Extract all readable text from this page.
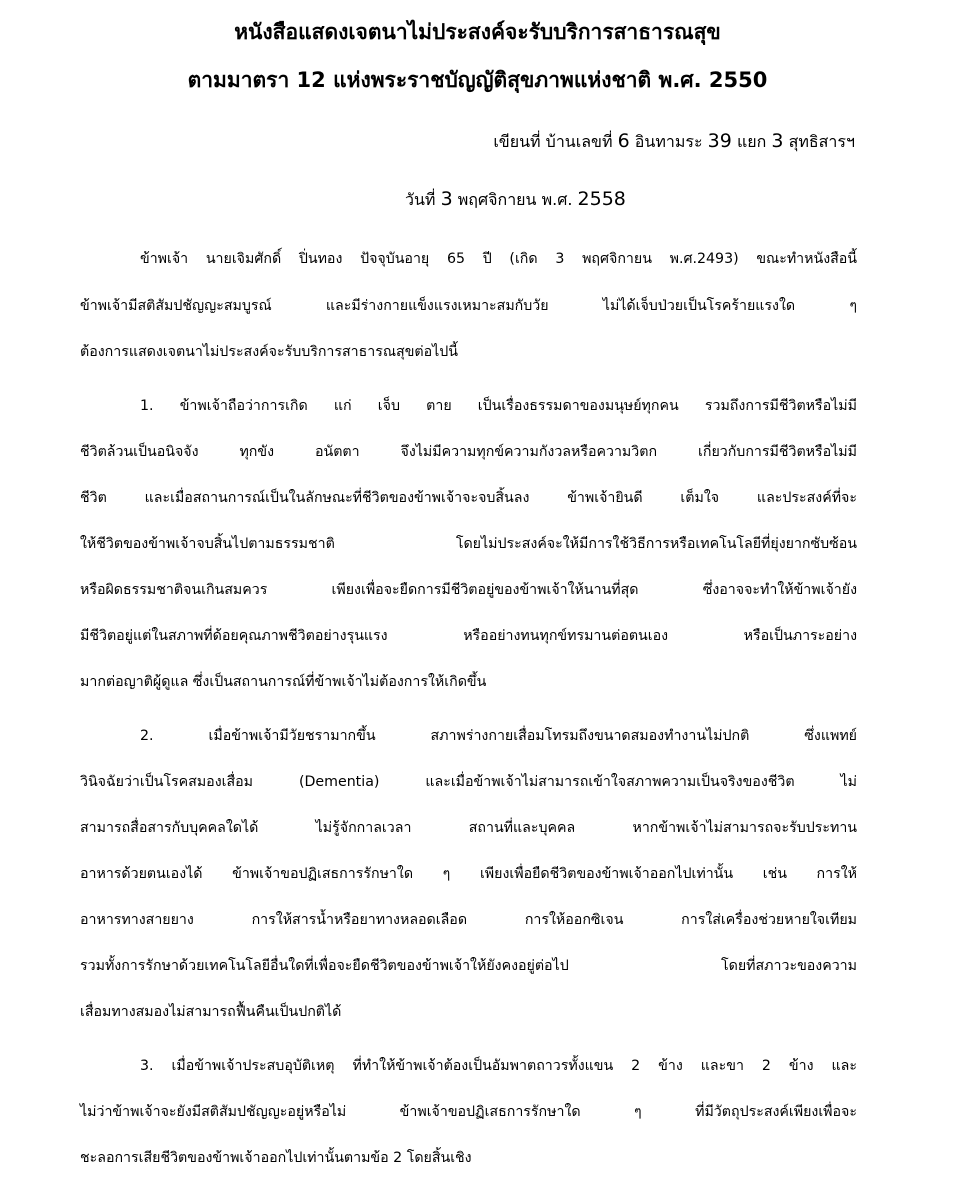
หนังสือแสดงเจตนาไม่ประสงค์จะรับบริการสาธารณสุข
ตามมาตรา 12 แห่งพระราชบัญญัติสุขภาพแห่งชาติ พ.ศ. 2550
เขียนที่ บ้านเลขที่ 6 อินทามระ 39 แยก 3 สุทธิสารฯ
วันที่ 3 พฤศจิกายน พ.ศ. 2558
ข้าพเจ้า นายเจิมศักดิ์ ปิ่นทอง ปัจจุบันอายุ 65 ปี (เกิด 3 พฤศจิกายน พ.ศ.2493) ขณะทำหนังสือนี้
ข้าพเจ้ามีสติสัมปชัญญะสมบูรณ์ และมีร่างกายแข็งแรงเหมาะสมกับวัย ไม่ได้เจ็บป่วยเป็นโรคร้ายแรงใด ๆ
ต้องการแสดงเจตนาไม่ประสงค์จะรับบริการสาธารณสุขต่อไปนี้
1. ข้าพเจ้าถือว่าการเกิด แก่ เจ็บ ตาย เป็นเรื่องธรรมดาของมนุษย์ทุกคน รวมถึงการมีชีวิตหรือไม่มี
ชีวิตล้วนเป็นอนิจจัง ทุกขัง อนัตตา จึงไม่มีความทุกข์ความกังวลหรือความวิตก เกี่ยวกับการมีชีวิตหรือไม่มี
ชีวิต และเมื่อสถานการณ์เป็นในลักษณะที่ชีวิตของข้าพเจ้าจะจบสิ้นลง ข้าพเจ้ายินดี เต็มใจ และประสงค์ที่จะ
ให้ชีวิตของข้าพเจ้าจบสิ้นไปตามธรรมชาติ โดยไม่ประสงค์จะให้มีการใช้วิธีการหรือเทคโนโลยีที่ยุ่งยากซับซ้อน
หรือผิดธรรมชาติจนเกินสมควร เพียงเพื่อจะยืดการมีชีวิตอยู่ของข้าพเจ้าให้นานที่สุด ซึ่งอาจจะทำให้ข้าพเจ้ายัง
มีชีวิตอยู่แต่ในสภาพที่ด้อยคุณภาพชีวิตอย่างรุนแรง หรืออย่างทนทุกข์ทรมานต่อตนเอง หรือเป็นภาระอย่าง
มากต่อญาติผู้ดูแล ซึ่งเป็นสถานการณ์ที่ข้าพเจ้าไม่ต้องการให้เกิดขึ้น
2. เมื่อข้าพเจ้ามีวัยชรามากขึ้น สภาพร่างกายเสื่อมโทรมถึงขนาดสมองทำงานไม่ปกติ ซึ่งแพทย์
วินิจฉัยว่าเป็นโรคสมองเสื่อม (Dementia) และเมื่อข้าพเจ้าไม่สามารถเข้าใจสภาพความเป็นจริงของชีวิต ไม่
สามารถสื่อสารกับบุคคลใดได้ ไม่รู้จักกาลเวลา สถานที่และบุคคล หากข้าพเจ้าไม่สามารถจะรับประทาน
อาหารด้วยตนเองได้ ข้าพเจ้าขอปฏิเสธการรักษาใด ๆ เพียงเพื่อยืดชีวิตของข้าพเจ้าออกไปเท่านั้น เช่น การให้
อาหารทางสายยาง การให้สารน้ำหรือยาทางหลอดเลือด การให้ออกซิเจน การใส่เครื่องช่วยหายใจเทียม
รวมทั้งการรักษาด้วยเทคโนโลยีอื่นใดที่เพื่อจะยืดชีวิตของข้าพเจ้าให้ยังคงอยู่ต่อไป โดยที่สภาวะของความ
เสื่อมทางสมองไม่สามารถฟื้นคืนเป็นปกติได้
3. เมื่อข้าพเจ้าประสบอุบัติเหตุ ที่ทำให้ข้าพเจ้าต้องเป็นอัมพาตถาวรทั้งแขน 2 ข้าง และขา 2 ข้าง และ
ไม่ว่าข้าพเจ้าจะยังมีสติสัมปชัญญะอยู่หรือไม่ ข้าพเจ้าขอปฏิเสธการรักษาใด ๆ ที่มีวัตถุประสงค์เพียงเพื่อจะ
ชะลอการเสียชีวิตของข้าพเจ้าออกไปเท่านั้นตามข้อ 2 โดยสิ้นเชิง
